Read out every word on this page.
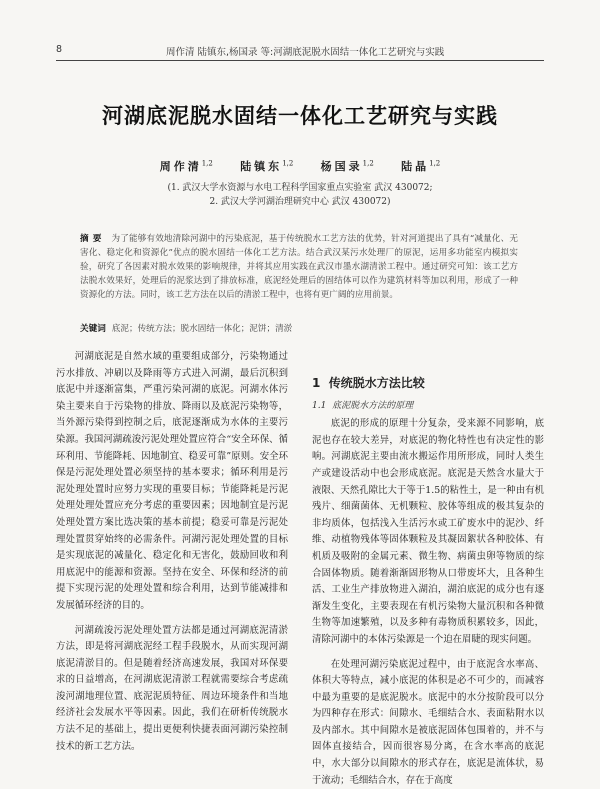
8	周作清 陆镇东,杨国录 等:河湖底泥脱水固结一体化工艺研究与实践
河湖底泥脱水固结一体化工艺研究与实践
周作清$^{1,2}$ 陆镇东$^{1,2}$ 杨国录$^{1,2}$ 陆晶$^{1,2}$
(1. 武汉大学水资源与水电工程科学国家重点实验室 武汉 430072;
2. 武汉大学河湖治理研究中心 武汉 430072)
摘要 为了能够有效地清除河湖中的污染底泥，基于传统脱水工艺方法的优势，针对河道提出了具有“减量化、无害化、稳定化和资源化”优点的脱水固结一体化工艺方法。结合武汉某污水处理厂的原泥，运用多功能室内模拟实验，研究了各因素对脱水效果的影响规律，并将其应用实践在武汉市墨水湖清淤工程中。通过研究可知：该工艺方法脱水效果好，处理后的泥浆达到了排放标准，底泥经处理后的固结体可以作为建筑材料等加以利用，形成了一种资源化的方法。同时，该工艺方法在以后的清淤工程中，也将有更广阔的应用前景。
关键词 底泥；传统方法；脱水固结一体化；泥饼；清淤

河湖底泥是自然水域的重要组成部分，污染物通过污水排放、冲刷以及降雨等方式进入河湖，最后沉积到底泥中并逐渐富集，严重污染河湖的底泥。河湖水体污染主要来自于污染物的排放、降雨以及底泥污染物等，当外源污染得到控制之后，底泥逐渐成为水体的主要污染源。我国河湖疏浚污泥处理处置应符合“安全环保、循环利用、节能降耗、因地制宜、稳妥可靠”原则。安全环保是污泥处理处置必须坚持的基本要求；循环利用是污泥处理处置时应努力实现的重要目标；节能降耗是污泥处理处理处置应充分考虑的重要因素；因地制宜是污泥处理处置方案比选决策的基本前提；稳妥可靠是污泥处理处置贯穿始终的必需条件。河湖污泥处理处置的目标是实现底泥的减量化、稳定化和无害化，鼓励回收和利用底泥中的能源和资源。坚持在安全、环保和经济的前提下实现污泥的处理处置和综合利用，达到节能减排和发展循环经济的目的。

河湖疏浚污泥处理处置方法都是通过河湖底泥清淤方法，即是将河湖底泥经工程手段脱水，从而实现河湖底泥清淤目的。但是随着经济高速发展，我国对环保要求的日益增高，在河湖底泥清淤工程就需要综合考虑疏浚河湖地理位置、底泥泥质特征、周边环境条件和当地经济社会发展水平等因素。因此，我们在研析传统脱水方法不足的基础上，提出更便利快捷表面河湖污染控制技术的新工艺方法。

1 传统脱水方法比较
1.1 底泥脱水方法的原理

底泥的形成的原理十分复杂，受来源不同影响，底泥也存在较大差异，对底泥的物化特性也有决定性的影响。河湖底泥主要由流水搬运作用所形成，同时人类生产或建设活动中也会形成底泥。底泥是天然含水量大于液限、天然孔隙比大于等于1.5的粘性土，是一种由有机残片、细菌菌体、无机颗粒、胶体等组成的极其复杂的非均质体，包括浅入生活污水或工矿废水中的泥沙、纤维、动植物残体等固体颗粒及其凝固絮状各种胶体、有机质及吸附的金属元素、微生物、病菌虫卵等物质的综合固体物质。随着渐渐固形物从口带废坏大，且各种生活、工业生产排放物进入湖泊，湖泊底泥的成分也有逐渐发生变化，主要表现在有机污染物大量沉积和各种微生物等加速繁殖，以及多种有毒物质积累较多，因此，清除河湖中的本体污染源是一个迫在眉睫的现实问题。

在处理河湖污染底泥过程中，由于底泥含水率高、体积大等特点，减小底泥的体积是必不可少的，而减容中最为重要的是底泥脱水。底泥中的水分按阶段可以分为四种存在形式：间隙水、毛细结合水、表面粘附水以及内部水。其中间隙水是被底泥固体包围着的，并不与固体直接结合，因而很容易分离，在含水率高的底泥中，水大部分以间隙水的形式存在，底泥是流体状，易于流动；毛细结合水，存在于高度
